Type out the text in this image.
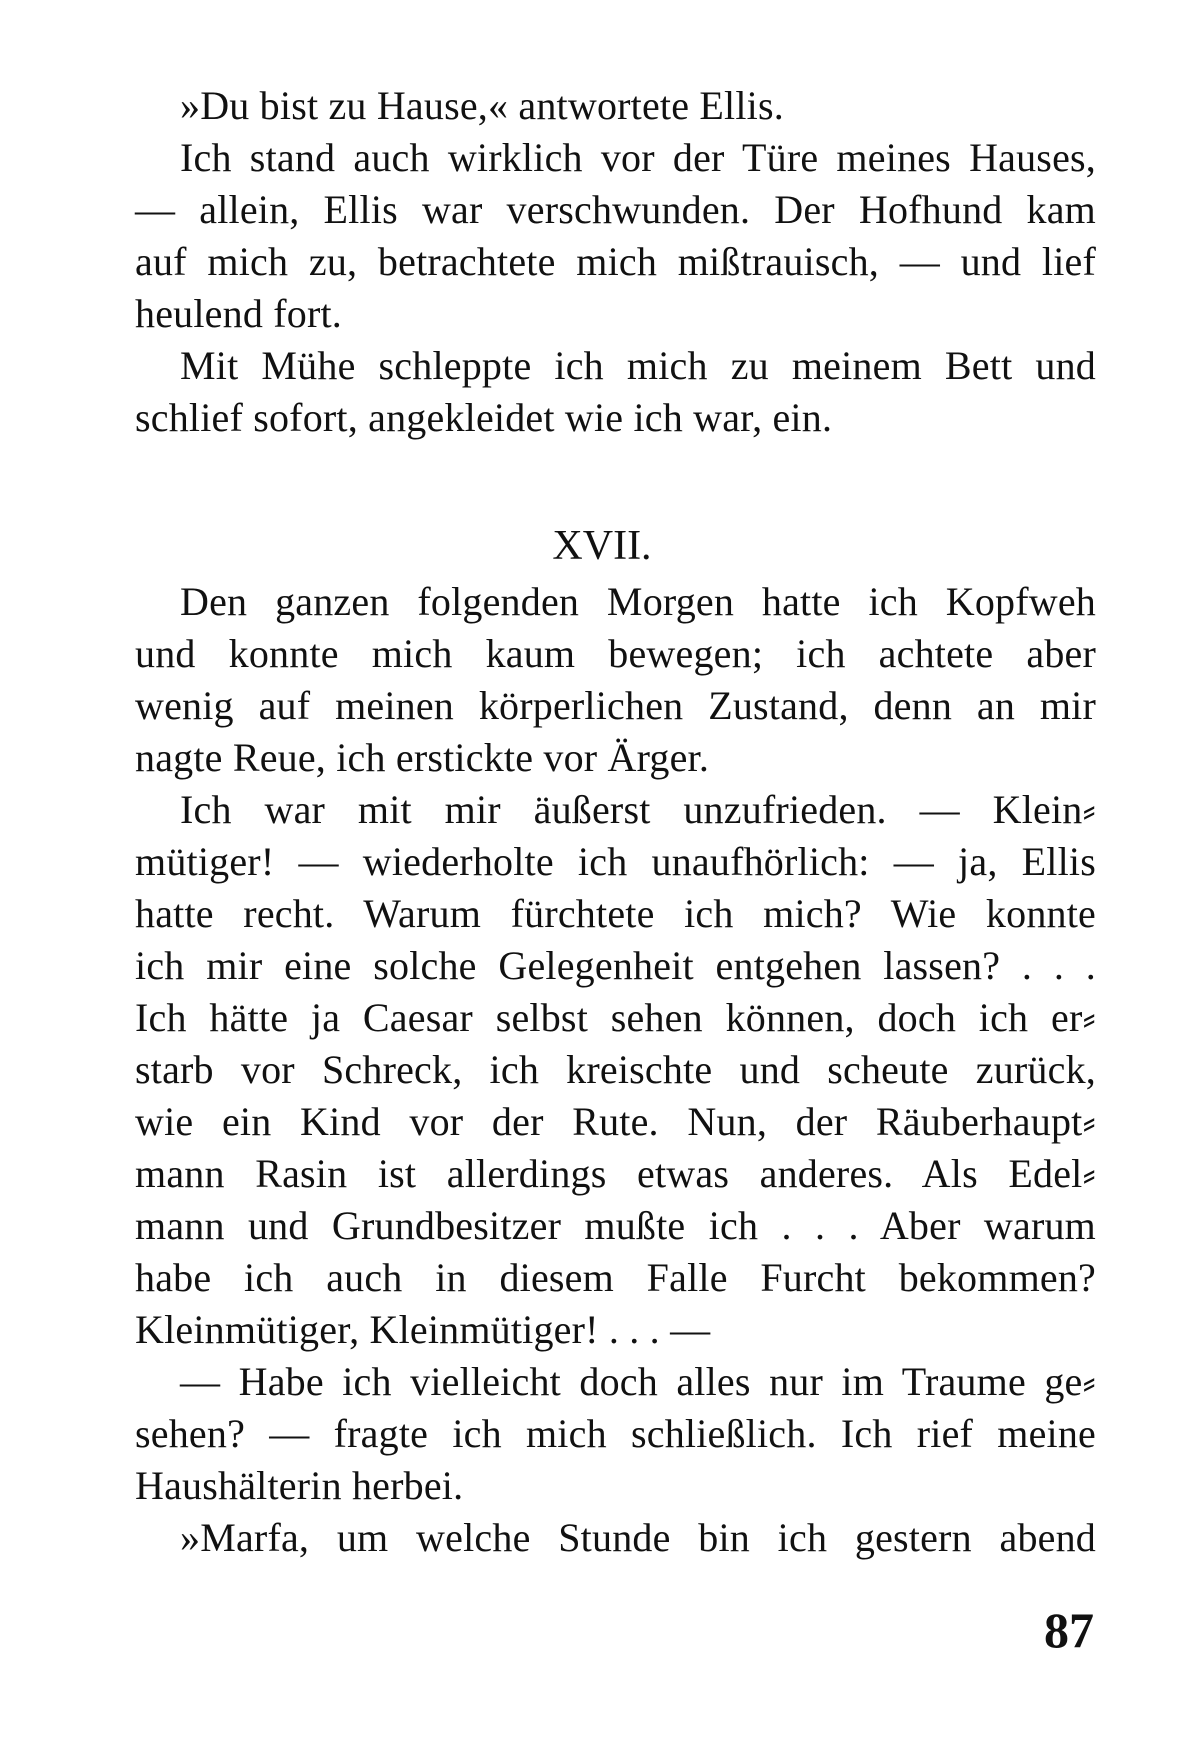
»Du bist zu Hause,« antwortete Ellis.
Ich stand auch wirklich vor der Türe meines Hauses,
— allein, Ellis war verschwunden. Der Hofhund kam
auf mich zu, betrachtete mich mißtrauisch, — und lief
heulend fort.
Mit Mühe schleppte ich mich zu meinem Bett und
schlief sofort, angekleidet wie ich war, ein.
XVII.
Den ganzen folgenden Morgen hatte ich Kopfweh
und konnte mich kaum bewegen; ich achtete aber
wenig auf meinen körperlichen Zustand, denn an mir
nagte Reue, ich erstickte vor Ärger.
Ich war mit mir äußerst unzufrieden. — Klein⸗
mütiger! — wiederholte ich unaufhörlich: — ja, Ellis
hatte recht. Warum fürchtete ich mich? Wie konnte
ich mir eine solche Gelegenheit entgehen lassen? . . .
Ich hätte ja Caesar selbst sehen können, doch ich er⸗
starb vor Schreck, ich kreischte und scheute zurück,
wie ein Kind vor der Rute. Nun, der Räuberhaupt⸗
mann Rasin ist allerdings etwas anderes. Als Edel⸗
mann und Grundbesitzer mußte ich . . . Aber warum
habe ich auch in diesem Falle Furcht bekommen?
Kleinmütiger, Kleinmütiger! . . . —
— Habe ich vielleicht doch alles nur im Traume ge⸗
sehen? — fragte ich mich schließlich. Ich rief meine
Haushälterin herbei.
»Marfa, um welche Stunde bin ich gestern abend
87
